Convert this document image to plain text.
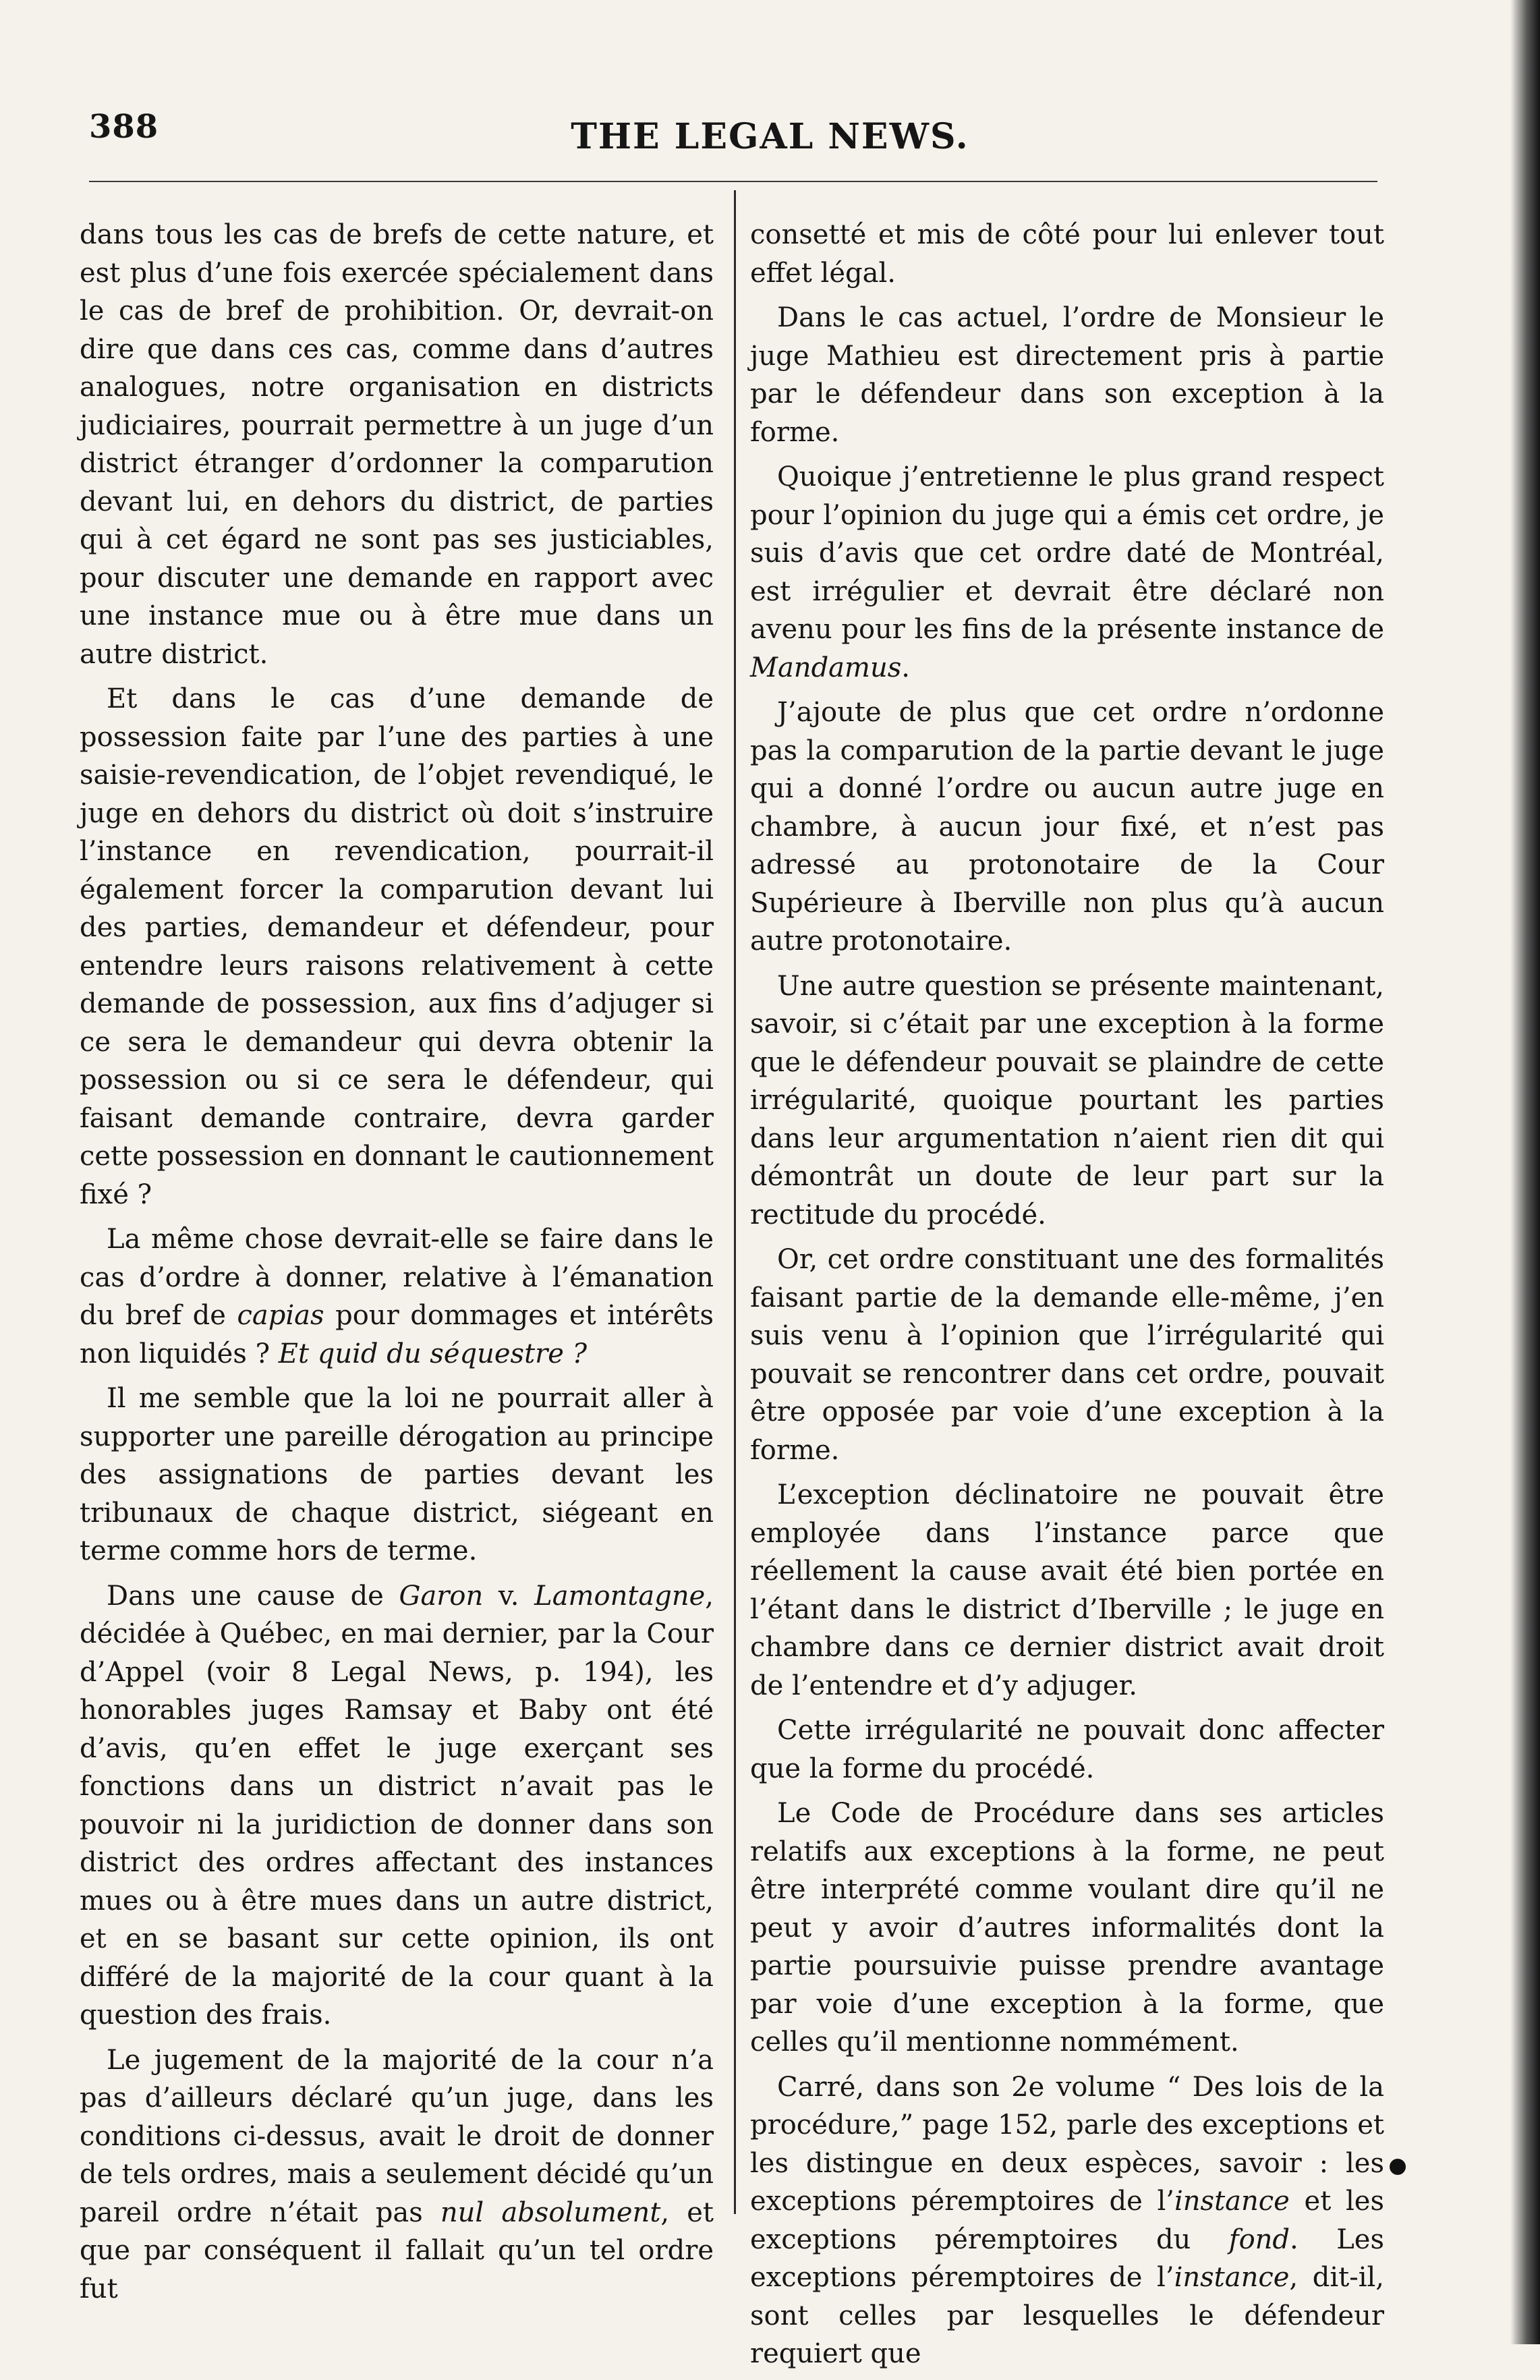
388	THE LEGAL NEWS.

dans tous les cas de brefs de cette nature, et est plus d’une fois exercée spécialement dans le cas de bref de prohibition. Or, devrait-on dire que dans ces cas, comme dans d’autres analogues, notre organisation en districts judiciaires, pourrait permettre à un juge d’un district étranger d’ordonner la comparution devant lui, en dehors du district, de parties qui à cet égard ne sont pas ses justiciables, pour discuter une demande en rapport avec une instance mue ou à être mue dans un autre district.

Et dans le cas d’une demande de possession faite par l’une des parties à une saisie-revendication, de l’objet revendiqué, le juge en dehors du district où doit s’instruire l’instance en revendication, pourrait-il également forcer la comparution devant lui des parties, demandeur et défendeur, pour entendre leurs raisons relativement à cette demande de possession, aux fins d’adjuger si ce sera le demandeur qui devra obtenir la possession ou si ce sera le défendeur, qui faisant demande contraire, devra garder cette possession en donnant le cautionnement fixé ?

La même chose devrait-elle se faire dans le cas d’ordre à donner, relative à l’émanation du bref de capias pour dommages et intérêts non liquidés ? Et quid du séquestre ?

Il me semble que la loi ne pourrait aller à supporter une pareille dérogation au principe des assignations de parties devant les tribunaux de chaque district, siégeant en terme comme hors de terme.

Dans une cause de Garon v. Lamontagne, décidée à Québec, en mai dernier, par la Cour d’Appel (voir 8 Legal News, p. 194), les honorables juges Ramsay et Baby ont été d’avis, qu’en effet le juge exerçant ses fonctions dans un district n’avait pas le pouvoir ni la juridiction de donner dans son district des ordres affectant des instances mues ou à être mues dans un autre district, et en se basant sur cette opinion, ils ont différé de la majorité de la cour quant à la question des frais.

Le jugement de la majorité de la cour n’a pas d’ailleurs déclaré qu’un juge, dans les conditions ci-dessus, avait le droit de donner de tels ordres, mais a seulement décidé qu’un pareil ordre n’était pas nul absolument, et que par conséquent il fallait qu’un tel ordre fut

consetté et mis de côté pour lui enlever tout effet légal.

Dans le cas actuel, l’ordre de Monsieur le juge Mathieu est directement pris à partie par le défendeur dans son exception à la forme.

Quoique j’entretienne le plus grand respect pour l’opinion du juge qui a émis cet ordre, je suis d’avis que cet ordre daté de Montréal, est irrégulier et devrait être déclaré non avenu pour les fins de la présente instance de Mandamus.

J’ajoute de plus que cet ordre n’ordonne pas la comparution de la partie devant le juge qui a donné l’ordre ou aucun autre juge en chambre, à aucun jour fixé, et n’est pas adressé au protonotaire de la Cour Supérieure à Iberville non plus qu’à aucun autre protonotaire.

Une autre question se présente maintenant, savoir, si c’était par une exception à la forme que le défendeur pouvait se plaindre de cette irrégularité, quoique pourtant les parties dans leur argumentation n’aient rien dit qui démontrât un doute de leur part sur la rectitude du procédé.

Or, cet ordre constituant une des formalités faisant partie de la demande elle-même, j’en suis venu à l’opinion que l’irrégularité qui pouvait se rencontrer dans cet ordre, pouvait être opposée par voie d’une exception à la forme.

L’exception déclinatoire ne pouvait être employée dans l’instance parce que réellement la cause avait été bien portée en l’étant dans le district d’Iberville ; le juge en chambre dans ce dernier district avait droit de l’entendre et d’y adjuger.

Cette irrégularité ne pouvait donc affecter que la forme du procédé.

Le Code de Procédure dans ses articles relatifs aux exceptions à la forme, ne peut être interprété comme voulant dire qu’il ne peut y avoir d’autres informalités dont la partie poursuivie puisse prendre avantage par voie d’une exception à la forme, que celles qu’il mentionne nommément.

Carré, dans son 2e volume “ Des lois de la procédure,” page 152, parle des exceptions et les distingue en deux espèces, savoir : les exceptions péremptoires de l’instance et les exceptions péremptoires du fond. Les exceptions péremptoires de l’instance, dit-il, sont celles par lesquelles le défendeur requiert que
